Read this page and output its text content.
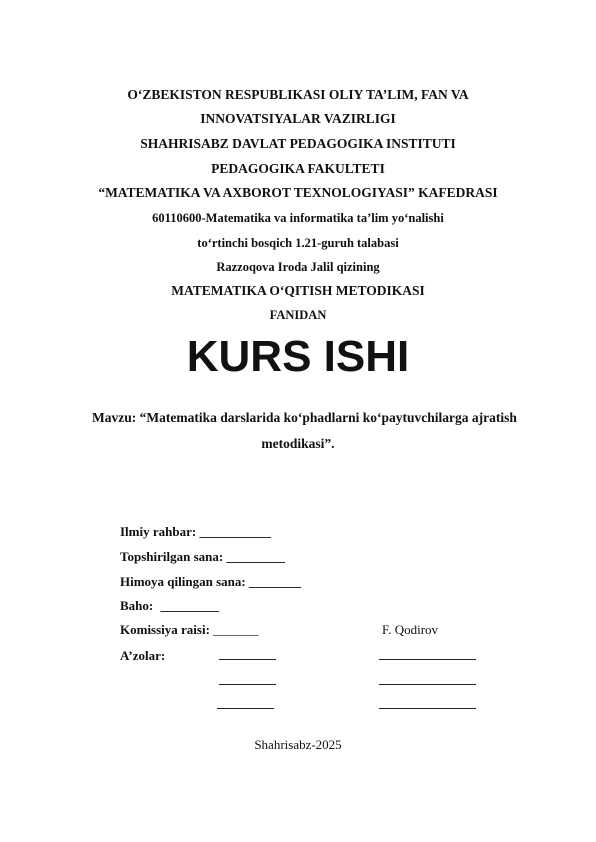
O‘ZBEKISTON RESPUBLIKASI OLIY TA’LIM, FAN VA
INNOVATSIYALAR VAZIRLIGI
SHAHRISABZ DAVLAT PEDAGOGIKA INSTITUTI
PEDAGOGIKA FAKULTETI
“MATEMATIKA VA AXBOROT TEXNOLOGIYASI” KAFEDRASI
60110600-Matematika va informatika ta’lim yo‘nalishi
to‘rtinchi bosqich 1.21-guruh talabasi
Razzoqova Iroda Jalil qizining
MATEMATIKA O‘QITISH METODIKASI
FANIDAN
KURS ISHI
Mavzu: “Matematika darslarida ko‘phadlarni ko‘paytuvchilarga ajratish
metodikasi”.
Ilmiy rahbar: ___________
Topshirilgan sana: _________
Himoya qilingan sana: ________
Baho: _________
Komissiya raisi: _______	F. Qodirov
A’zolar:
Shahrisabz-2025
